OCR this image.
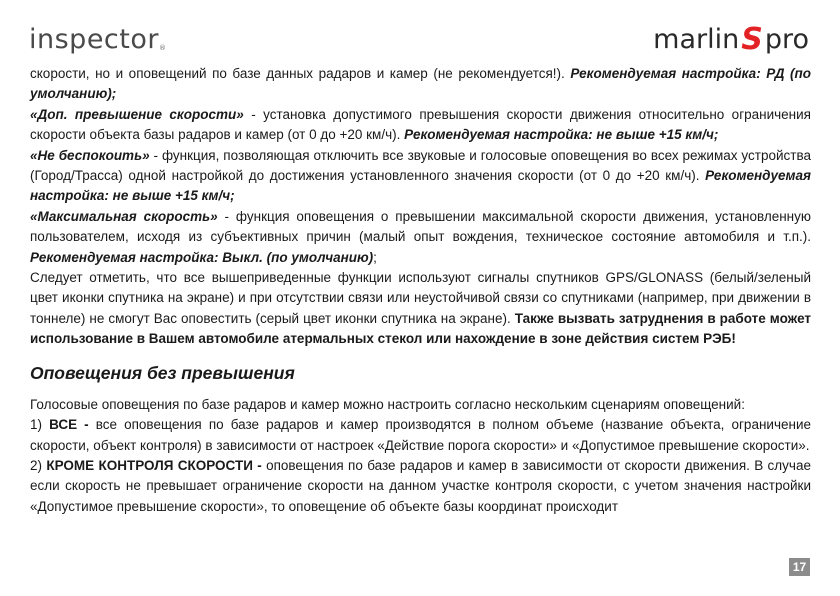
inspector®	marlin S pro

скорости, но и оповещений по базе данных радаров и камер (не рекомендуется!). Рекомендуемая настройка: РД (по умолчанию);

«Доп. превышение скорости» - установка допустимого превышения скорости движения относительно ограничения скорости объекта базы радаров и камер (от 0 до +20 км/ч). Рекомендуемая настройка: не выше +15 км/ч;

«Не беспокоить» - функция, позволяющая отключить все звуковые и голосовые оповещения во всех режимах устройства (Город/Трасса) одной настройкой до достижения установленного значения скорости (от 0 до +20 км/ч). Рекомендуемая настройка: не выше +15 км/ч;

«Максимальная скорость» - функция оповещения о превышении максимальной скорости движения, установленную пользователем, исходя из субъективных причин (малый опыт вождения, техническое состояние автомобиля и т.п.). Рекомендуемая настройка: Выкл. (по умолчанию);

Следует отметить, что все вышеприведенные функции используют сигналы спутников GPS/GLONASS (белый/зеленый цвет иконки спутника на экране) и при отсутствии связи или неустойчивой связи со спутниками (например, при движении в тоннеле) не смогут Вас оповестить (серый цвет иконки спутника на экране). Также вызвать затруднения в работе может использование в Вашем автомобиле атермальных стекол или нахождение в зоне действия систем РЭБ!

Оповещения без превышения

Голосовые оповещения по базе радаров и камер можно настроить согласно нескольким сценариям оповещений:

1) ВСЕ - все оповещения по базе радаров и камер производятся в полном объеме (название объекта, ограничение скорости, объект контроля) в зависимости от настроек «Действие порога скорости» и «Допустимое превышение скорости».

2) КРОМЕ КОНТРОЛЯ СКОРОСТИ - оповещения по базе радаров и камер в зависимости от скорости движения. В случае если скорость не превышает ограничение скорости на данном участке контроля скорости, с учетом значения настройки «Допустимое превышение скорости», то оповещение об объекте базы координат происходит

17
